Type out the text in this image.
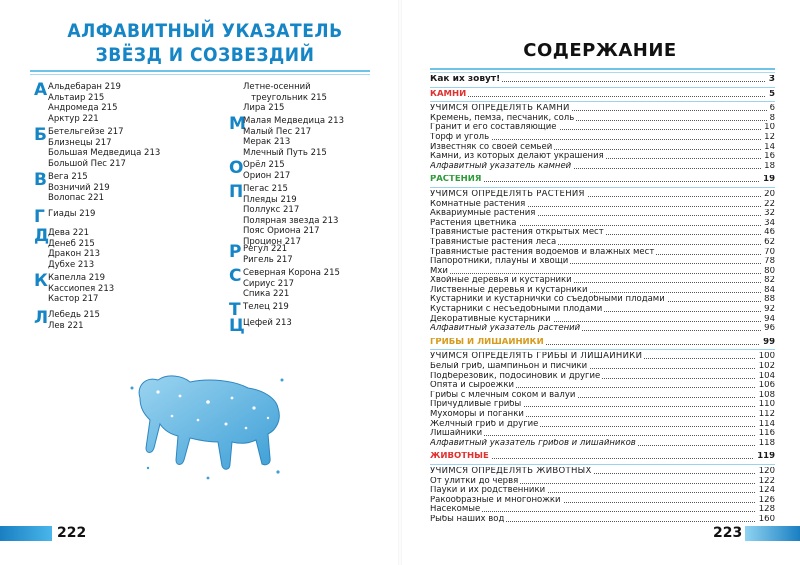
АЛФАВИТНЫЙ УКАЗАТЕЛЬ
ЗВЁЗД И СОЗВЕЗДИЙ
А Альдебаран 219
Альтаир 215
Андромеда 215
Арктур 221
Б Бетельгейзе 217
Близнецы 217
Большая Медведица 213
Большой Пес 217
В Вега 215
Возничий 219
Волопас 221
Г Гиады 219
Д
Дева 221
Денеб 215
Дракон 213
Дубхе 213
К Капелла 219
Кассиопея 213
Кастор 217
Л Лебедь 215
Лев 221
Летне-осенний
треугольник 215
Лира 215
М
Малая Медведица 213
Малый Пес 217
Мерак 213
Млечный Путь 215
О Орёл 215
Орион 217
П Пегас 215
Плеяды 219
Поллукс 217
Полярная звезда 213
Пояс Ориона 217
Процион 217
Р Регул 221
Ригель 217
С Северная Корона 215
Сириус 217
Спика 221
Т Телец 219
Ц
Цефей 213
222
СОДЕРЖАНИЕ
Как их зовут!	3
КАМНИ	5
УЧИМСЯ ОПРЕДЕЛЯТЬ КАМНИ	6
Кремень, пемза, песчаник, соль	8
Гранит и его составляющие	10
Торф и уголь	12
Известняк со своей семьей	14
Камни, из которых делают украшения	16
Алфавитный указатель камней	18
РАСТЕНИЯ	19
УЧИМСЯ ОПРЕДЕЛЯТЬ РАСТЕНИЯ	20
Комнатные растения	22
Аквариумные растения	32
Растения цветника	34
Травянистые растения открытых мест	46
Травянистые растения леса	62
Травянистые растения водоемов и влажных мест	70
Папоротники, плауны и хвощи	78
Мхи	80
Хвойные деревья и кустарники	82
Лиственные деревья и кустарники	84
Кустарники и кустарнички со съедобными плодами	88
Кустарники с несъедобными плодами	92
Декоративные кустарники	94
Алфавитный указатель растений	96
ГРИБЫ И ЛИШАЙНИКИ	99
УЧИМСЯ ОПРЕДЕЛЯТЬ ГРИБЫ И ЛИШАЙНИКИ	100
Белый гриб, шампиньон и писчики	102
Подберезовик, подосиновик и другие	104
Опята и сыроежки	106
Грибы с млечным соком и валуи	108
Причудливые грибы	110
Мухоморы и поганки	112
Желчный гриб и другие	114
Лишайники	116
Алфавитный указатель грибов и лишайников	118
ЖИВОТНЫЕ	119
УЧИМСЯ ОПРЕДЕЛЯТЬ ЖИВОТНЫХ	120
От улитки до червя	122
Пауки и их родственники	124
Ракообразные и многоножки	126
Насекомые	128
Рыбы наших вод	160
223
